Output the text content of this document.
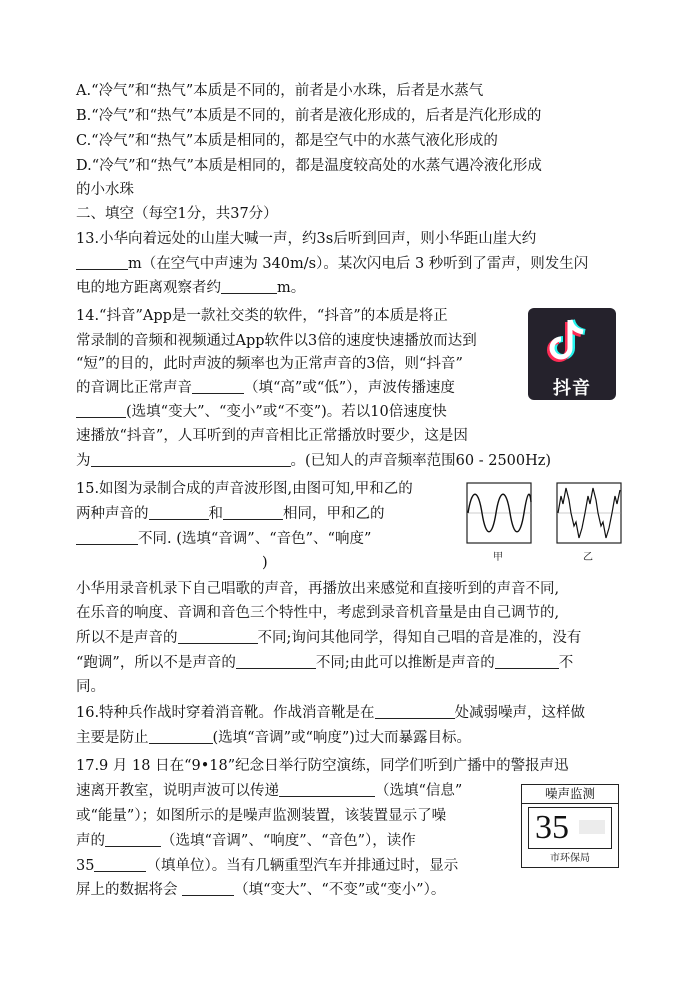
A.“冷气”和“热气”本质是不同的，前者是小水珠，后者是水蒸气
B.“冷气”和“热气”本质是不同的，前者是液化形成的，后者是汽化形成的
C.“冷气”和“热气”本质是相同的，都是空气中的水蒸气液化形成的
D.“冷气”和“热气”本质是相同的，都是温度较高处的水蒸气遇冷液化形成
的小水珠
二、填空（每空1分，共37分）
13.小华向着远处的山崖大喊一声，约3s后听到回声，则小华距山崖大约
m（在空气中声速为 340m/s）。某次闪电后 3 秒听到了雷声，则发生闪
电的地方距离观察者约	m。
14.“抖音”App是一款社交类的软件，“抖音”的本质是将正
常录制的音频和视频通过App软件以3倍的速度快速播放而达到
“短”的目的，此时声波的频率也为正常声音的3倍，则“抖音”
的音调比正常声音	（填“高”或“低”），声波传播速度
(选填“变大”、“变小”或“不变”)。若以10倍速度快
速播放“抖音”，人耳听到的声音相比正常播放时要少，这是因
为	。(已知人的声音频率范围60 - 2500Hz)
抖音
15.如图为录制合成的声音波形图,由图可知,甲和乙的
两种声音的	和	相同，甲和乙的
不同. (选填“音调”、“音色”、“响度”
)	甲	乙
小华用录音机录下自己唱歌的声音，再播放出来感觉和直接听到的声音不同,
在乐音的响度、音调和音色三个特性中，考虑到录音机音量是由自己调节的,
所以不是声音的	不同;询问其他同学，得知自己唱的音是准的，没有
“跑调”，所以不是声音的	不同;由此可以推断是声音的	不
同。
16.特种兵作战时穿着消音靴。作战消音靴是在	处减弱噪声，这样做
主要是防止	(选填“音调”或“响度”)过大而暴露目标。
17.9 月 18 日在“9•18”纪念日举行防空演练，同学们听到广播中的警报声迅
速离开教室，说明声波可以传递	（选填“信息”
或“能量”）；如图所示的是噪声监测装置，该装置显示了噪
声的	（选填“音调”、“响度”、“音色”），读作
35	（填单位）。当有几辆重型汽车并排通过时，显示
屏上的数据将会	（填“变大”、“不变”或“变小”）。
噪声监测
35
市环保局
